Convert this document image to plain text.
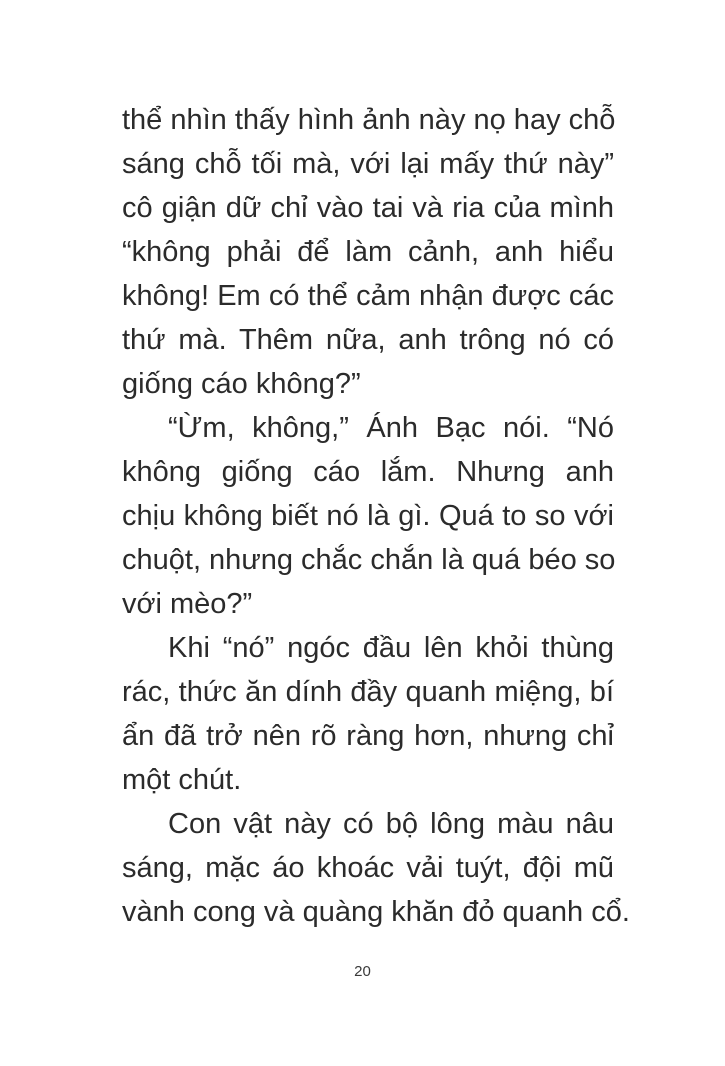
thể nhìn thấy hình ảnh này nọ hay chỗ
sáng chỗ tối mà, với lại mấy thứ này”
cô giận dữ chỉ vào tai và ria của mình
“không phải để làm cảnh, anh hiểu
không! Em có thể cảm nhận được các
thứ mà. Thêm nữa, anh trông nó có
giống cáo không?”
“Ừm, không,” Ánh Bạc nói. “Nó
không giống cáo lắm. Nhưng anh
chịu không biết nó là gì. Quá to so với
chuột, nhưng chắc chắn là quá béo so
với mèo?”
Khi “nó” ngóc đầu lên khỏi thùng
rác, thức ăn dính đầy quanh miệng, bí
ẩn đã trở nên rõ ràng hơn, nhưng chỉ
một chút.
Con vật này có bộ lông màu nâu
sáng, mặc áo khoác vải tuýt, đội mũ
vành cong và quàng khăn đỏ quanh cổ.
20
